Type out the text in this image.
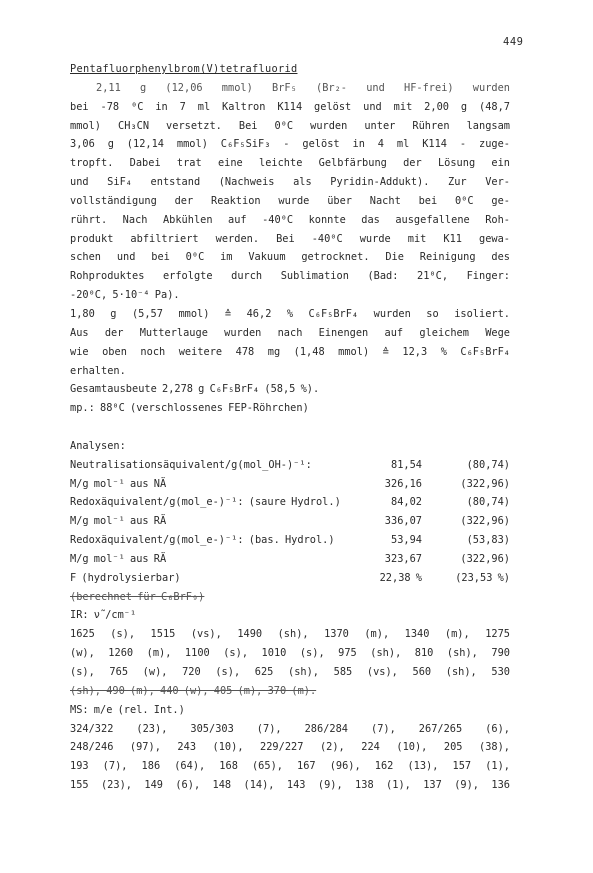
449
Pentafluorphenylbrom(V)tetrafluorid
2,11 g (12,06 mmol) BrF₅ (Br₂- und HF-frei) wurden
bei -78 ⁰C in 7 ml Kaltron K114 gelöst und mit 2,00 g (48,7
mmol) CH₃CN versetzt. Bei 0⁰C wurden unter Rühren langsam
3,06 g (12,14 mmol) C₆F₅SiF₃ - gelöst in 4 ml K114 - zuge-
tropft. Dabei trat eine leichte Gelbfärbung der Lösung ein
und SiF₄ entstand (Nachweis als Pyridin-Addukt). Zur Ver-
vollständigung der Reaktion wurde über Nacht bei 0⁰C ge-
rührt. Nach Abkühlen auf -40⁰C konnte das ausgefallene Roh-
produkt abfiltriert werden. Bei -40⁰C wurde mit K11 gewa-
schen und bei 0⁰C im Vakuum getrocknet. Die Reinigung des
Rohproduktes erfolgte durch Sublimation (Bad: 21⁰C, Finger:
-20⁰C, 5·10⁻⁴ Pa).
1,80 g (5,57 mmol) ≙ 46,2 % C₆F₅BrF₄ wurden so isoliert.
Aus der Mutterlauge wurden nach Einengen auf gleichem Wege
wie oben noch weitere 478 mg (1,48 mmol) ≙ 12,3 % C₆F₅BrF₄
erhalten.
Gesamtausbeute 2,278 g C₆F₅BrF₄ (58,5 %).
mp.: 88⁰C (verschlossenes FEP-Röhrchen)
Analysen:
Neutralisationsäquivalent/g(mol_OH-)⁻¹:	81,54	(80,74)
M/g mol⁻¹ aus NÄ	326,16	(322,96)
Redoxäquivalent/g(mol_e-)⁻¹: (saure Hydrol.)	84,02	(80,74)
M/g mol⁻¹ aus RÄ	336,07	(322,96)
Redoxäquivalent/g(mol_e-)⁻¹: (bas. Hydrol.)	53,94	(53,83)
M/g mol⁻¹ aus RÄ	323,67	(322,96)
F (hydrolysierbar)	22,38 %	(23,53 %)
(berechnet für C₆BrF₉)
IR: ν̃ /cm⁻¹
1625 (s), 1515 (vs), 1490 (sh), 1370 (m), 1340 (m), 1275
(w), 1260 (m), 1100 (s), 1010 (s), 975 (sh), 810 (sh), 790
(s), 765 (w), 720 (s), 625 (sh), 585 (vs), 560 (sh), 530
(sh), 490 (m), 440 (w), 405 (m), 370 (m).
MS: m/e (rel. Int.)
324/322 (23), 305/303 (7), 286/284 (7), 267/265 (6),
248/246 (97), 243 (10), 229/227 (2), 224 (10), 205 (38),
193 (7), 186 (64), 168 (65), 167 (96), 162 (13), 157 (1),
155 (23), 149 (6), 148 (14), 143 (9), 138 (1), 137 (9), 136
